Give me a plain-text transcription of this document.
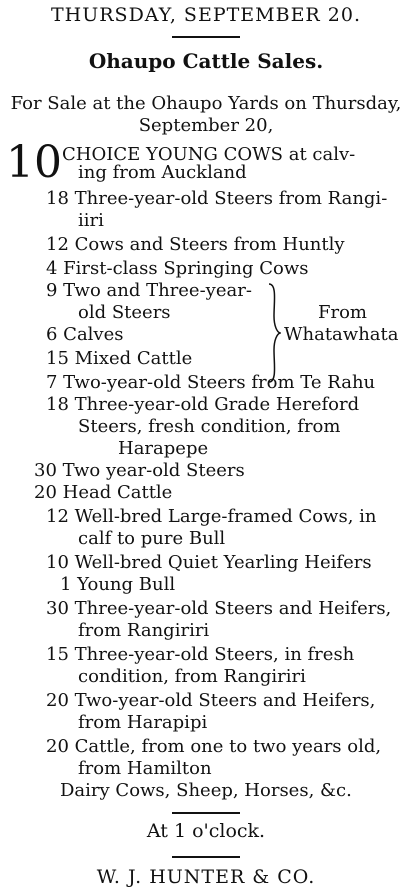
THURSDAY, SEPTEMBER 20.
Ohaupo Cattle Sales.
For Sale at the Ohaupo Yards on Thursday, September 20,
10 CHOICE YOUNG COWS at calv-
ing from Auckland
18 Three-year-old Steers from Rangi-
iiri
12 Cows and Steers from Huntly
4 First-class Springing Cows
9 Two and Three-year-
old Steers
6 Calves
15 Mixed Cattle
From
Whatawhata
7 Two-year-old Steers from Te Rahu
18 Three-year-old Grade Hereford
Steers, fresh condition, from
Harapepe
30 Two year-old Steers
20 Head Cattle
12 Well-bred Large-framed Cows, in
calf to pure Bull
10 Well-bred Quiet Yearling Heifers
1 Young Bull
30 Three-year-old Steers and Heifers,
from Rangiriri
15 Three-year-old Steers, in fresh
condition, from Rangiriri
20 Two-year-old Steers and Heifers,
from Harapipi
20 Cattle, from one to two years old,
from Hamilton
Dairy Cows, Sheep, Horses, &c.
At 1 o'clock.
W. J. HUNTER & CO.
